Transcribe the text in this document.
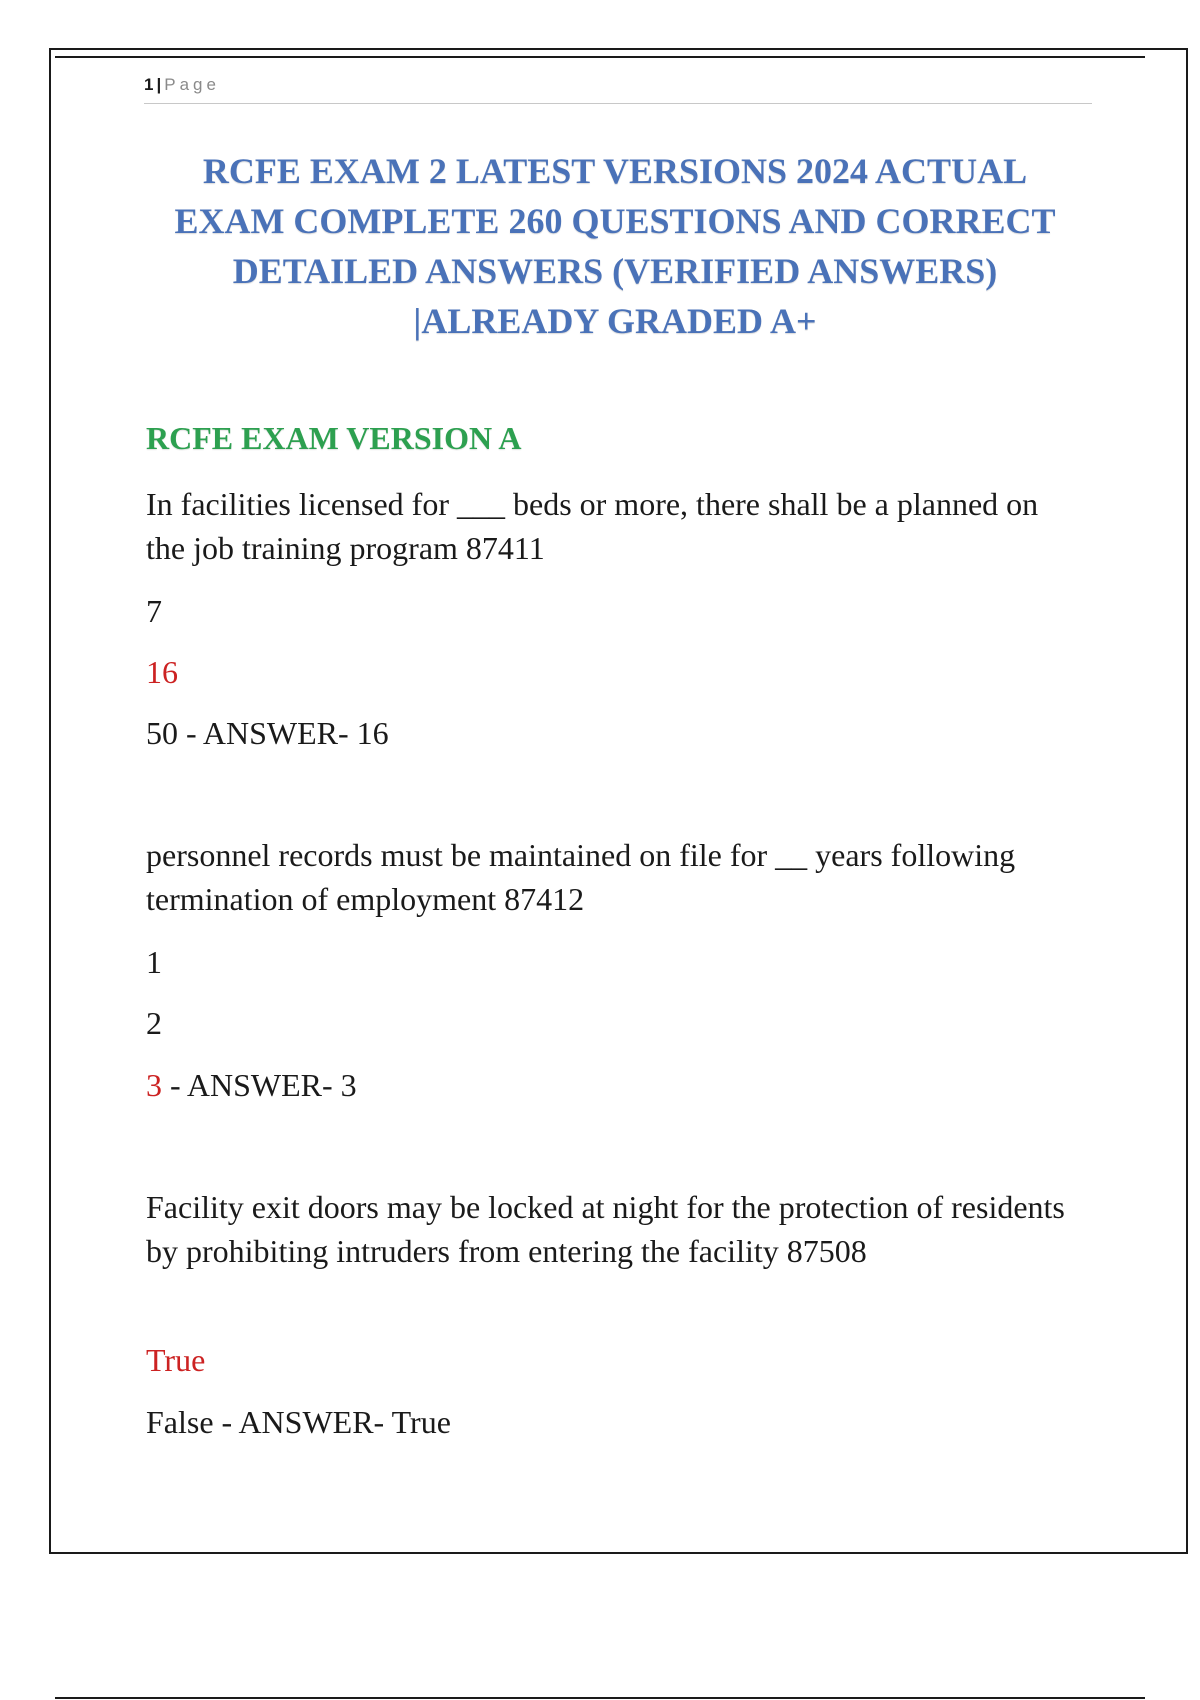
1 | Page
RCFE EXAM 2 LATEST VERSIONS 2024 ACTUAL EXAM COMPLETE 260 QUESTIONS AND CORRECT DETAILED ANSWERS (VERIFIED ANSWERS) |ALREADY GRADED A+
RCFE EXAM VERSION A

In facilities licensed for ___ beds or more, there shall be a planned on the job training program 87411

7

16

50 - ANSWER- 16

personnel records must be maintained on file for __ years following termination of employment 87412

1

2

3 - ANSWER- 3

Facility exit doors may be locked at night for the protection of residents by prohibiting intruders from entering the facility 87508

True

False - ANSWER- True
